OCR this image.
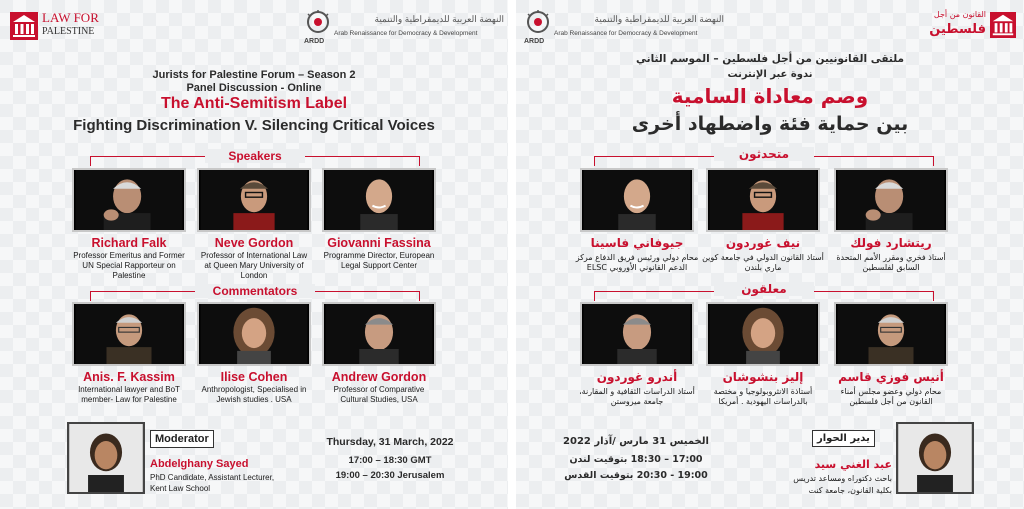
LAW FOR
PALESTINE
ARDD
النهضة العربية للديمقراطية والتنمية
Arab Renaissance for Democracy & Development
Jurists for Palestine Forum – Season 2
Panel Discussion - Online
The Anti-Semitism Label
Fighting Discrimination V. Silencing Critical Voices
Speakers
Richard Falk
Professor Emeritus and Former UN Special Rapporteur on Palestine
Neve Gordon
Professor of International Law at Queen Mary University of London
Giovanni Fassina
Programme Director, European Legal Support Center
Commentators
Anis. F. Kassim
International lawyer and BoT member- Law for Palestine
Ilise Cohen
Anthropologist, Specialised in Jewish studies . USA
Andrew Gordon
Professor of Comparative Cultural Studies, USA
Moderator
Abdelghany Sayed
PhD Candidate, Assistant Lecturer,
Kent Law School
Thursday, 31 March, 2022
17:00 – 18:30 GMT
19:00 – 20:30 Jerusalem
ARDD
النهضة العربية للديمقراطية والتنمية
Arab Renaissance for Democracy & Development
القانون من أجل
فلسطين
ملتقى القانونيين من أجل فلسطين – الموسم الثاني
ندوة عبر الإنترنت
وصم معاداة السامية
بين حماية فئة واضطهاد أخرى
متحدثون
جيوفاني فاسينا
محام دولي ورئيس فريق الدفاع مركز الدعم القانوني الأوروبي ELSC
نيف غوردون
أستاذ القانون الدولي في جامعة كوين ماري بلندن
ريتشارد فولك
أستاذ فخري ومقرر الأمم المتحدة السابق لفلسطين
معلقون
أندرو غوردون
أستاذ الدراسات الثقافية و المقارنة، جامعة ميروستن
إليز بنشوشان
أستاذة الانثروبولوجيا و مختصة بالدراسات اليهودية . أمريكا
أنيس فوزي قاسم
محام دولي وعضو مجلس أمناء القانون من أجل فلسطين
الخميس 31 مارس /آذار 2022
17:00 – 18:30 بتوقيت لندن
19:00 - 20:30 بتوقيت القدس
يدير الحوار
عبد الغني سيد
باحث دكتوراه ومساعد تدريس
بكلية القانون، جامعة كنت
